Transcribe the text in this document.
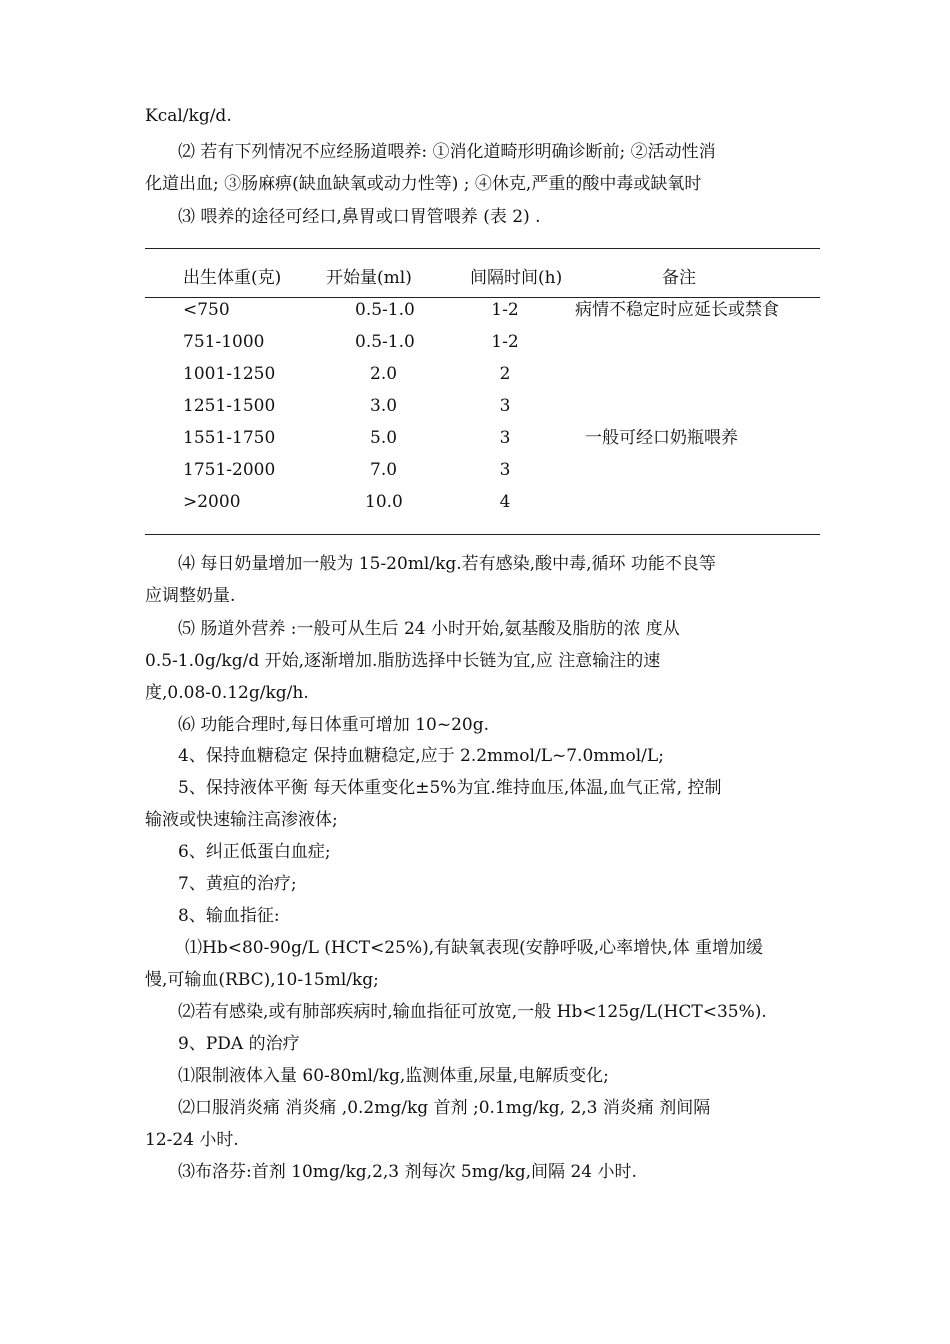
Kcal/kg/d.
⑵ 若有下列情况不应经肠道喂养: ①消化道畸形明确诊断前; ②活动性消
化道出血; ③肠麻痹(缺血缺氧或动力性等) ; ④休克,严重的酸中毒或缺氧时
⑶ 喂养的途径可经口,鼻胃或口胃管喂养 (表 2) .
出生体重(克)	开始量(ml)	间隔时间(h)	备注
<750	0.5-1.0	1-2	病情不稳定时应延长或禁食
751-1000	0.5-1.0	1-2
1001-1250	2.0	2
1251-1500	3.0	3
1551-1750	5.0	3	一般可经口奶瓶喂养
1751-2000	7.0	3
>2000	10.0	4
⑷ 每日奶量增加一般为 15-20ml/kg.若有感染,酸中毒,循环 功能不良等
应调整奶量.
⑸ 肠道外营养 :一般可从生后 24 小时开始,氨基酸及脂肪的浓 度从
0.5-1.0g/kg/d 开始,逐渐增加.脂肪选择中长链为宜,应 注意输注的速
度,0.08-0.12g/kg/h.
⑹ 功能合理时,每日体重可增加 10~20g.
4、保持血糖稳定 保持血糖稳定,应于 2.2mmol/L~7.0mmol/L;
5、保持液体平衡 每天体重变化±5%为宜.维持血压,体温,血气正常, 控制
输液或快速输注高渗液体;
6、纠正低蛋白血症;
7、黄疸的治疗;
8、输血指征:
⑴Hb<80-90g/L (HCT<25%),有缺氧表现(安静呼吸,心率增快,体 重增加缓
慢,可输血(RBC),10-15ml/kg;
⑵若有感染,或有肺部疾病时,输血指征可放宽,一般 Hb<125g/L(HCT<35%).
9、PDA 的治疗
⑴限制液体入量 60-80ml/kg,监测体重,尿量,电解质变化;
⑵口服消炎痛 消炎痛 ,0.2mg/kg 首剂 ;0.1mg/kg, 2,3 消炎痛 剂间隔
12-24 小时.
⑶布洛芬:首剂 10mg/kg,2,3 剂每次 5mg/kg,间隔 24 小时.
